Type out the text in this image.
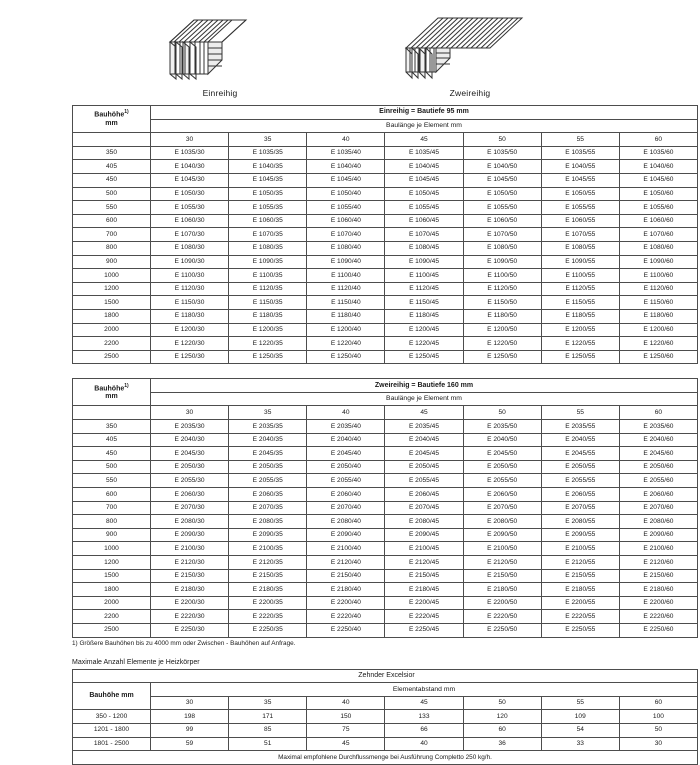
Einreihig	Zweireihig
Bauhöhe$^{1)}$
mm	Einreihig = Bautiefe 95 mm						
	Baulänge je Element mm						
	30	35	40	45	50	55	60
350	E 1035/30	E 1035/35	E 1035/40	E 1035/45	E 1035/50	E 1035/55	E 1035/60
405	E 1040/30	E 1040/35	E 1040/40	E 1040/45	E 1040/50	E 1040/55	E 1040/60
450	E 1045/30	E 1045/35	E 1045/40	E 1045/45	E 1045/50	E 1045/55	E 1045/60
500	E 1050/30	E 1050/35	E 1050/40	E 1050/45	E 1050/50	E 1050/55	E 1050/60
550	E 1055/30	E 1055/35	E 1055/40	E 1055/45	E 1055/50	E 1055/55	E 1055/60
600	E 1060/30	E 1060/35	E 1060/40	E 1060/45	E 1060/50	E 1060/55	E 1060/60
700	E 1070/30	E 1070/35	E 1070/40	E 1070/45	E 1070/50	E 1070/55	E 1070/60
800	E 1080/30	E 1080/35	E 1080/40	E 1080/45	E 1080/50	E 1080/55	E 1080/60
900	E 1090/30	E 1090/35	E 1090/40	E 1090/45	E 1090/50	E 1090/55	E 1090/60
1000	E 1100/30	E 1100/35	E 1100/40	E 1100/45	E 1100/50	E 1100/55	E 1100/60
1200	E 1120/30	E 1120/35	E 1120/40	E 1120/45	E 1120/50	E 1120/55	E 1120/60
1500	E 1150/30	E 1150/35	E 1150/40	E 1150/45	E 1150/50	E 1150/55	E 1150/60
1800	E 1180/30	E 1180/35	E 1180/40	E 1180/45	E 1180/50	E 1180/55	E 1180/60
2000	E 1200/30	E 1200/35	E 1200/40	E 1200/45	E 1200/50	E 1200/55	E 1200/60
2200	E 1220/30	E 1220/35	E 1220/40	E 1220/45	E 1220/50	E 1220/55	E 1220/60
2500	E 1250/30	E 1250/35	E 1250/40	E 1250/45	E 1250/50	E 1250/55	E 1250/60
Bauhöhe$^{1)}$
mm	Zweireihig = Bautiefe 160 mm						
	Baulänge je Element mm						
	30	35	40	45	50	55	60
350	E 2035/30	E 2035/35	E 2035/40	E 2035/45	E 2035/50	E 2035/55	E 2035/60
405	E 2040/30	E 2040/35	E 2040/40	E 2040/45	E 2040/50	E 2040/55	E 2040/60
450	E 2045/30	E 2045/35	E 2045/40	E 2045/45	E 2045/50	E 2045/55	E 2045/60
500	E 2050/30	E 2050/35	E 2050/40	E 2050/45	E 2050/50	E 2050/55	E 2050/60
550	E 2055/30	E 2055/35	E 2055/40	E 2055/45	E 2055/50	E 2055/55	E 2055/60
600	E 2060/30	E 2060/35	E 2060/40	E 2060/45	E 2060/50	E 2060/55	E 2060/60
700	E 2070/30	E 2070/35	E 2070/40	E 2070/45	E 2070/50	E 2070/55	E 2070/60
800	E 2080/30	E 2080/35	E 2080/40	E 2080/45	E 2080/50	E 2080/55	E 2080/60
900	E 2090/30	E 2090/35	E 2090/40	E 2090/45	E 2090/50	E 2090/55	E 2090/60
1000	E 2100/30	E 2100/35	E 2100/40	E 2100/45	E 2100/50	E 2100/55	E 2100/60
1200	E 2120/30	E 2120/35	E 2120/40	E 2120/45	E 2120/50	E 2120/55	E 2120/60
1500	E 2150/30	E 2150/35	E 2150/40	E 2150/45	E 2150/50	E 2150/55	E 2150/60
1800	E 2180/30	E 2180/35	E 2180/40	E 2180/45	E 2180/50	E 2180/55	E 2180/60
2000	E 2200/30	E 2200/35	E 2200/40	E 2200/45	E 2200/50	E 2200/55	E 2200/60
2200	E 2220/30	E 2220/35	E 2220/40	E 2220/45	E 2220/50	E 2220/55	E 2220/60
2500	E 2250/30	E 2250/35	E 2250/40	E 2250/45	E 2250/50	E 2250/55	E 2250/60
1) Größere Bauhöhen bis zu 4000 mm oder Zwischen - Bauhöhen auf Anfrage.
Maximale Anzahl Elemente je Heizkörper
Zehnder Excelsior							
Bauhöhe mm	Elementabstand mm						
	30	35	40	45	50	55	60
350 - 1200	198	171	150	133	120	109	100
1201 - 1800	99	85	75	66	60	54	50
1801 - 2500	59	51	45	40	36	33	30
Maximal empfohlene Durchflussmenge bei Ausführung Completto 250 kg/h.							
